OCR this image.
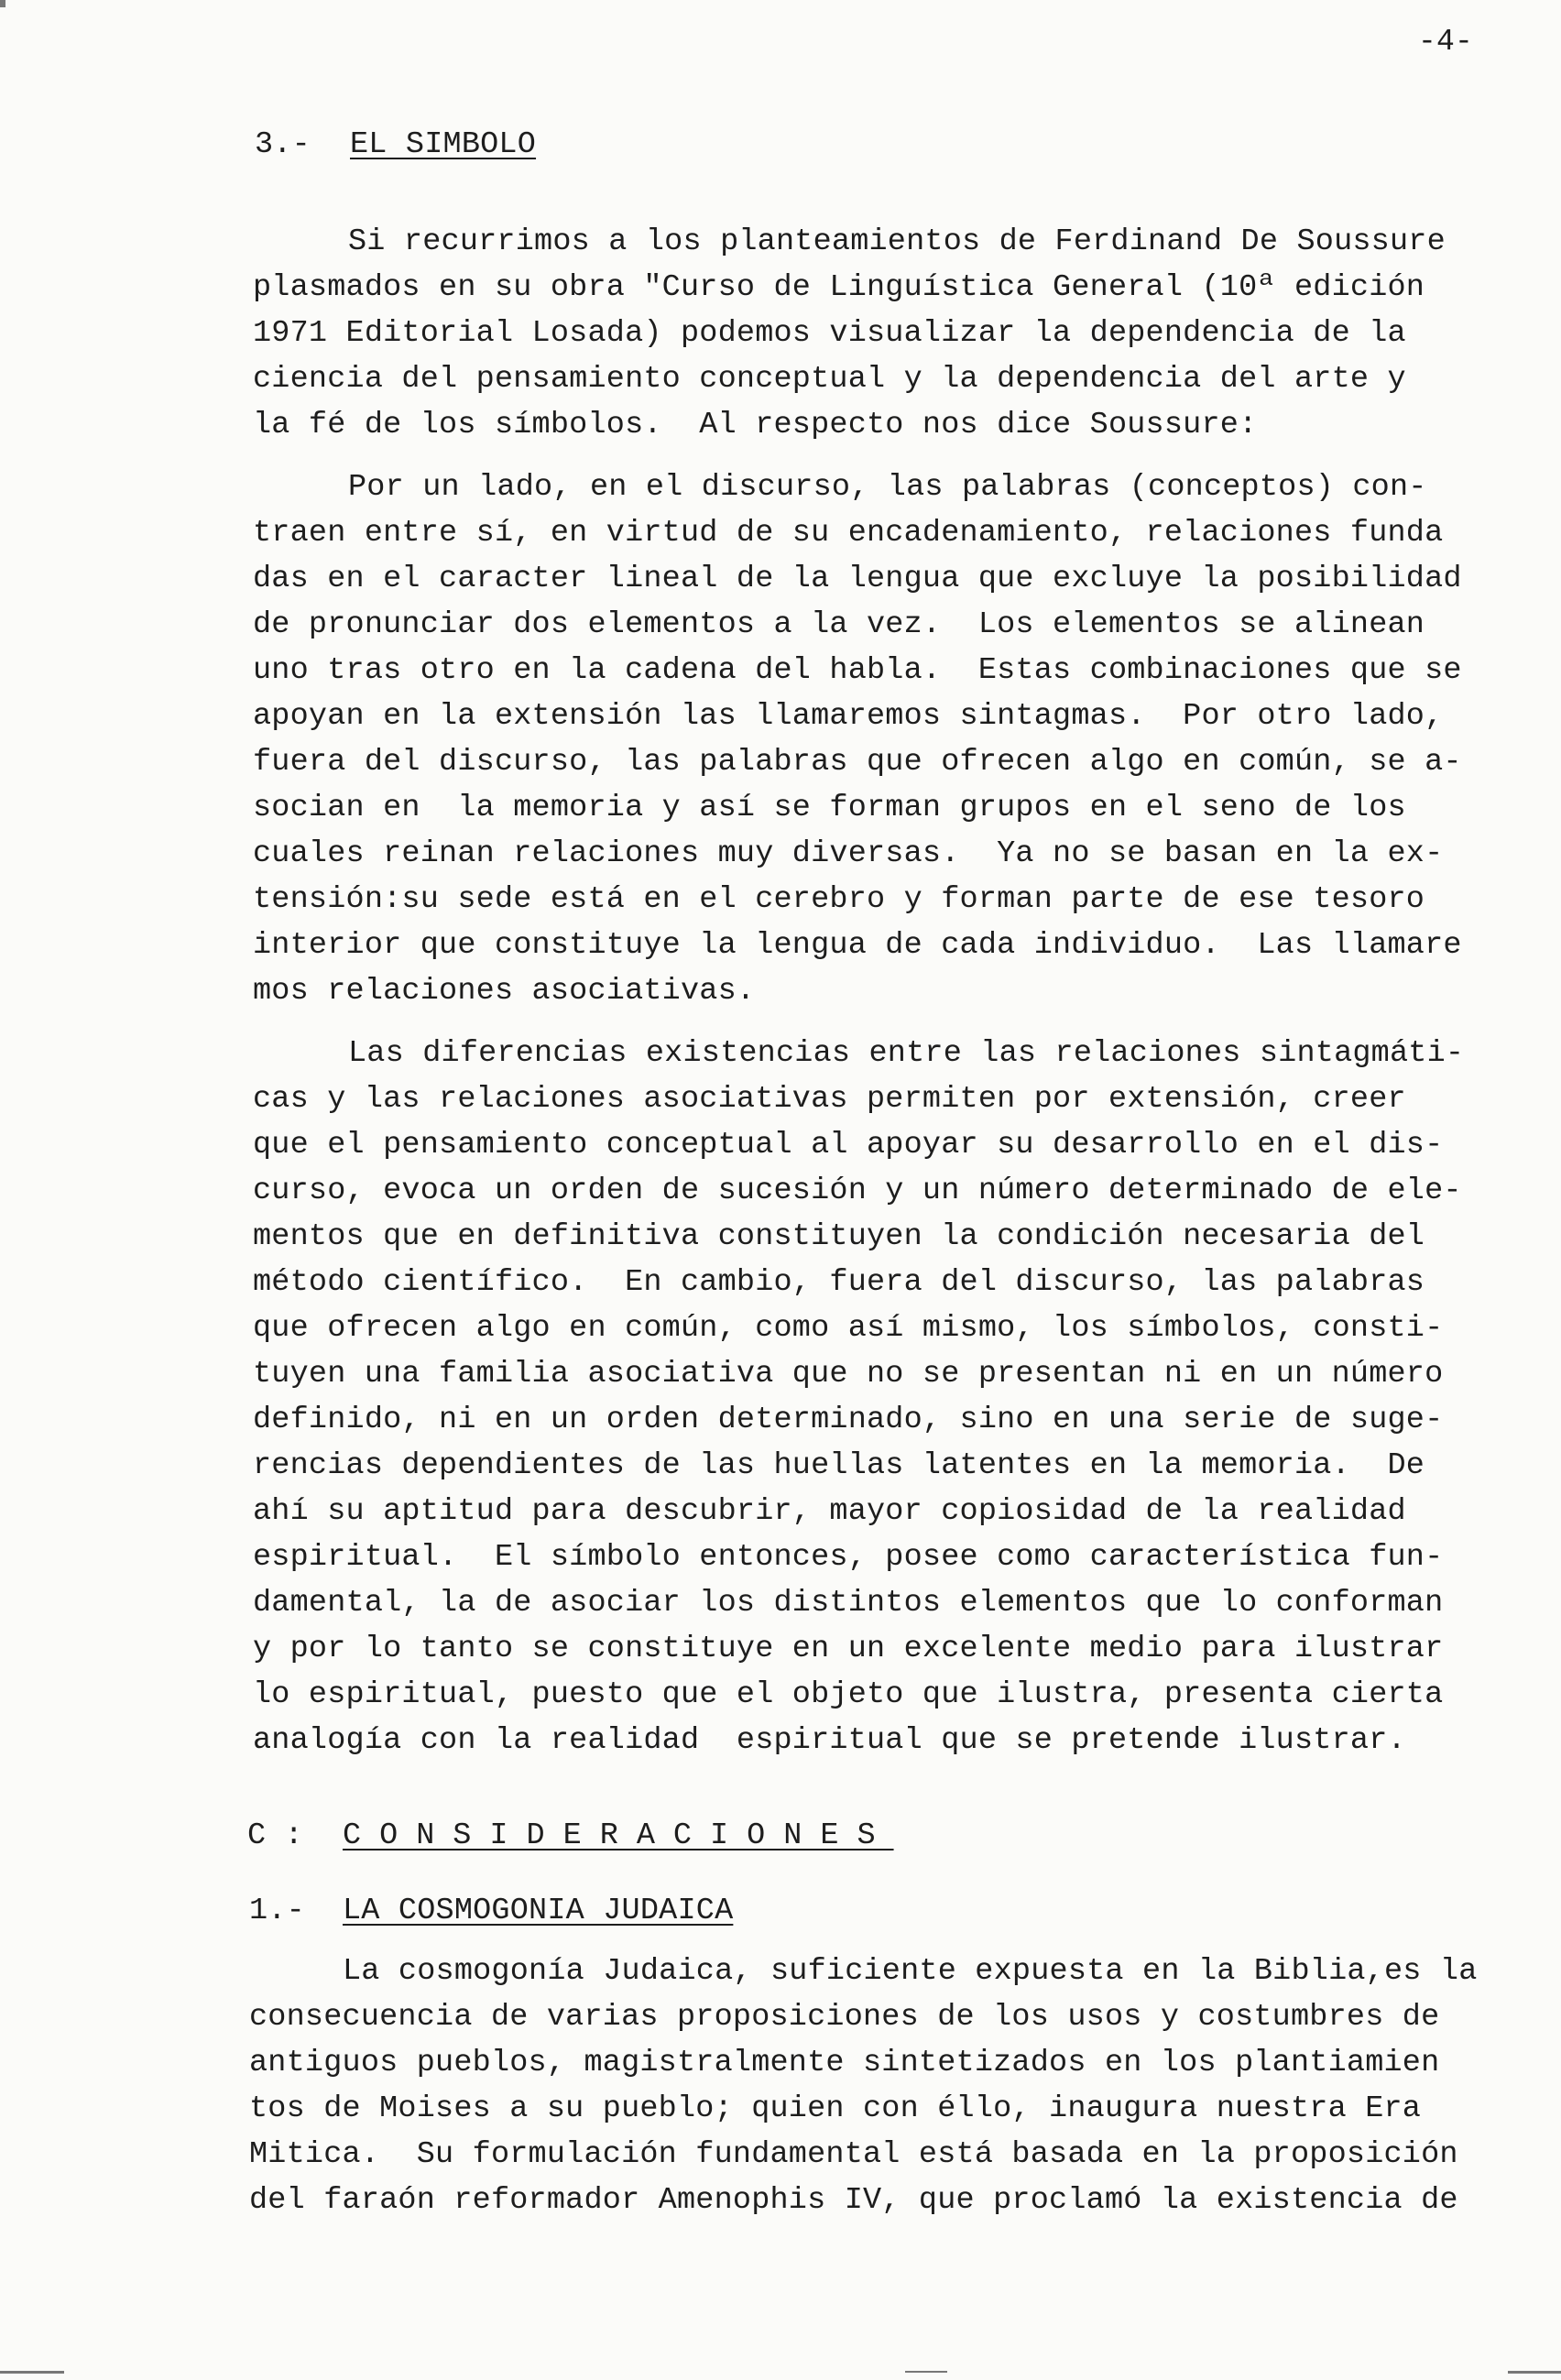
-4-
3.- EL SIMBOLO
Si recurrimos a los planteamientos de Ferdinand De Soussure
plasmados en su obra "Curso de Linguística General (10ª edición
1971 Editorial Losada) podemos visualizar la dependencia de la
ciencia del pensamiento conceptual y la dependencia del arte y
la fé de los símbolos.  Al respecto nos dice Soussure:
Por un lado, en el discurso, las palabras (conceptos) con-
traen entre sí, en virtud de su encadenamiento, relaciones funda
das en el caracter lineal de la lengua que excluye la posibilidad
de pronunciar dos elementos a la vez.  Los elementos se alinean
uno tras otro en la cadena del habla.  Estas combinaciones que se
apoyan en la extensión las llamaremos sintagmas.  Por otro lado,
fuera del discurso, las palabras que ofrecen algo en común, se a-
socian en  la memoria y así se forman grupos en el seno de los
cuales reinan relaciones muy diversas.  Ya no se basan en la ex-
tensión:su sede está en el cerebro y forman parte de ese tesoro
interior que constituye la lengua de cada individuo.  Las llamare
mos relaciones asociativas.
Las diferencias existencias entre las relaciones sintagmáti-
cas y las relaciones asociativas permiten por extensión, creer
que el pensamiento conceptual al apoyar su desarrollo en el dis-
curso, evoca un orden de sucesión y un número determinado de ele-
mentos que en definitiva constituyen la condición necesaria del
método científico.  En cambio, fuera del discurso, las palabras
que ofrecen algo en común, como así mismo, los símbolos, consti-
tuyen una familia asociativa que no se presentan ni en un número
definido, ni en un orden determinado, sino en una serie de suge-
rencias dependientes de las huellas latentes en la memoria.  De
ahí su aptitud para descubrir, mayor copiosidad de la realidad
espiritual.  El símbolo entonces, posee como característica fun-
damental, la de asociar los distintos elementos que lo conforman
y por lo tanto se constituye en un excelente medio para ilustrar
lo espiritual, puesto que el objeto que ilustra, presenta cierta
analogía con la realidad  espiritual que se pretende ilustrar.
C : CONSIDERACIONES
1.- LA COSMOGONIA JUDAICA
La cosmogonía Judaica, suficiente expuesta en la Biblia,es la
consecuencia de varias proposiciones de los usos y costumbres de
antiguos pueblos, magistralmente sintetizados en los plantiamien
tos de Moises a su pueblo; quien con éllo, inaugura nuestra Era
Mitica.  Su formulación fundamental está basada en la proposición
del faraón reformador Amenophis IV, que proclamó la existencia de
